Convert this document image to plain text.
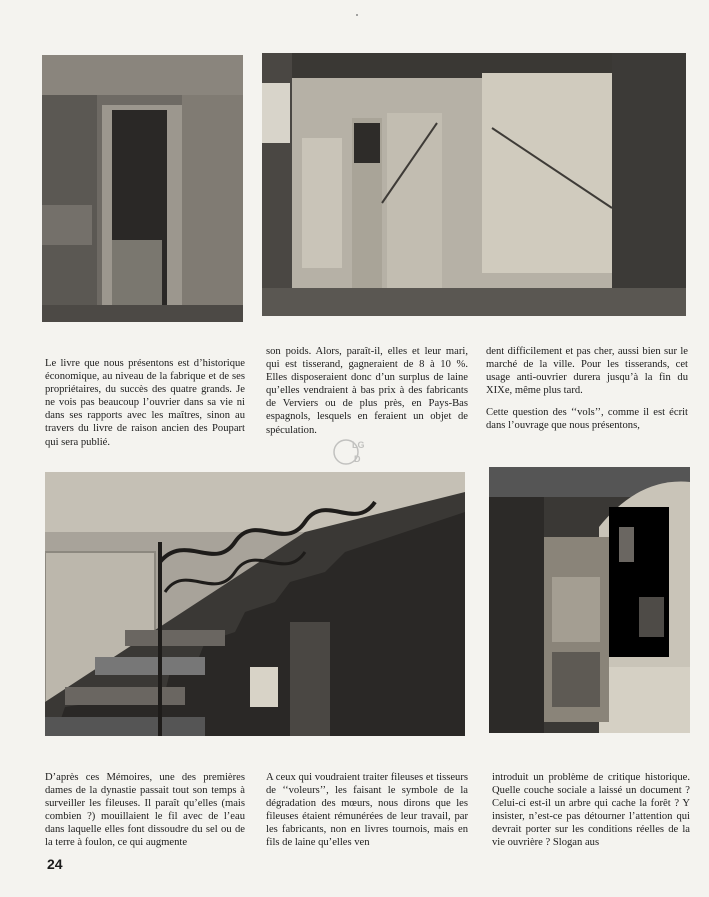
Le livre que nous présentons est d’historique économique, au niveau de la fabrique et de ses propriétaires, du succès des quatre grands. Je ne vois pas beaucoup l’ouvrier dans sa vie ni dans ses rapports avec les maîtres, sinon au travers du livre de raison ancien des Poupart qui sera publié.

son poids. Alors, paraît-il, elles et leur mari, qui est tisserand, gagneraient de 8 à 10 %. Elles disposeraient donc d’un surplus de laine qu’elles vendraient à bas prix à des fabricants de Verviers ou de plus près, en Pays-Bas espagnols, lesquels en feraient un objet de spéculation.

dent difficilement et pas cher, aussi bien sur le marché de la ville. Pour les tisserands, cet usage anti-ouvrier durera jusqu’à la fin du XIXe, même plus tard.

Cette question des ‘‘vols’’, comme il est écrit dans l’ouvrage que nous présentons,

LG
D

D’après ces Mémoires, une des premières dames de la dynastie passait tout son temps à surveiller les fileuses. Il paraît qu’elles (mais combien ?) mouillaient le fil avec de l’eau dans laquelle elles font dissoudre du sel ou de la terre à foulon, ce qui augmente

A ceux qui voudraient traiter fileuses et tisseurs de ‘‘voleurs’’, les faisant le symbole de la dégradation des mœurs, nous dirons que les fileuses étaient rémunérées de leur travail, par les fabricants, non en livres tournois, mais en fils de laine qu’elles ven

introduit un problème de critique historique. Quelle couche sociale a laissé un document ? Celui-ci est-il un arbre qui cache la forêt ? Y insister, n’est-ce pas détourner l’attention qui devrait porter sur les conditions réelles de la vie ouvrière ? Slogan aus

24
